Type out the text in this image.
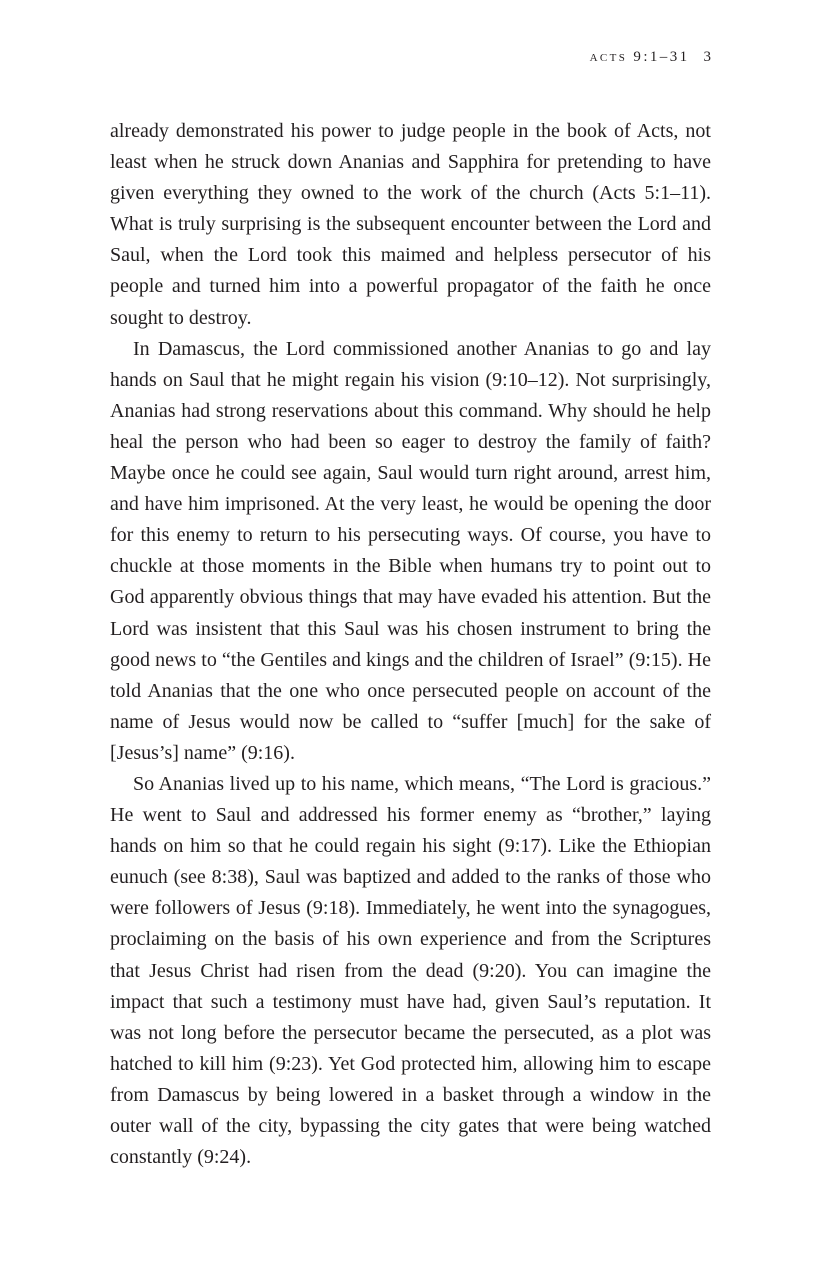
acts 9:1–31 3

already demonstrated his power to judge people in the book of Acts, not least when he struck down Ananias and Sapphira for pretending to have given everything they owned to the work of the church (Acts 5:1–11). What is truly surprising is the subsequent encounter between the Lord and Saul, when the Lord took this maimed and helpless persecutor of his people and turned him into a powerful propagator of the faith he once sought to destroy.

In Damascus, the Lord commissioned another Ananias to go and lay hands on Saul that he might regain his vision (9:10–12). Not surprisingly, Ananias had strong reservations about this command. Why should he help heal the person who had been so eager to destroy the family of faith? Maybe once he could see again, Saul would turn right around, arrest him, and have him imprisoned. At the very least, he would be opening the door for this enemy to return to his persecuting ways. Of course, you have to chuckle at those moments in the Bible when humans try to point out to God apparently obvious things that may have evaded his attention. But the Lord was insistent that this Saul was his chosen instrument to bring the good news to “the Gentiles and kings and the children of Israel” (9:15). He told Ananias that the one who once persecuted people on account of the name of Jesus would now be called to “suffer [much] for the sake of [Jesus’s] name” (9:16).

So Ananias lived up to his name, which means, “The Lord is gracious.” He went to Saul and addressed his former enemy as “brother,” laying hands on him so that he could regain his sight (9:17). Like the Ethiopian eunuch (see 8:38), Saul was baptized and added to the ranks of those who were followers of Jesus (9:18). Immediately, he went into the synagogues, proclaiming on the basis of his own experience and from the Scriptures that Jesus Christ had risen from the dead (9:20). You can imagine the impact that such a testimony must have had, given Saul’s reputation. It was not long before the persecutor became the persecuted, as a plot was hatched to kill him (9:23). Yet God protected him, allowing him to escape from Damascus by being lowered in a basket through a window in the outer wall of the city, bypassing the city gates that were being watched constantly (9:24).
